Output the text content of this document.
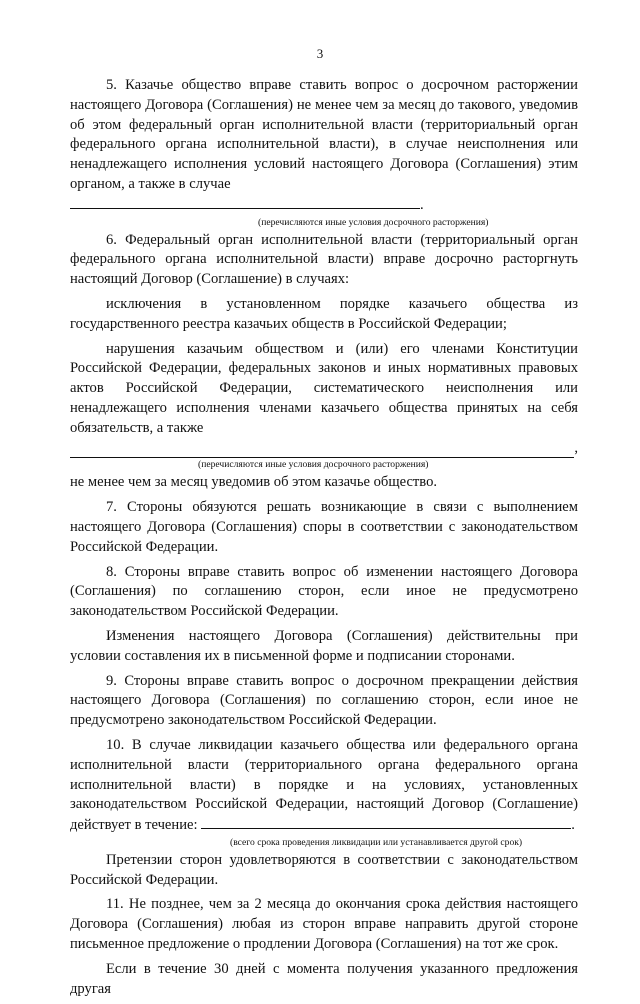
3

5. Казачье общество вправе ставить вопрос о досрочном расторжении

настоящего Договора (Соглашения) не менее чем за месяц до такового, уведомив
об этом федеральный орган исполнительной власти (территориальный орган
федерального органа исполнительной власти), в случае неисполнения или
ненадлежащего исполнения условий настоящего Договора (Соглашения) этим
органом, а также в случае .
(перечисляются иные условия досрочного расторжения)

6. Федеральный орган исполнительной власти (территориальный орган федерального органа исполнительной власти) вправе досрочно расторгнуть настоящий Договор (Соглашение) в случаях:

исключения в установленном порядке казачьего общества из государственного реестра казачьих обществ в Российской Федерации;

нарушения казачьим обществом и (или) его членами Конституции Российской Федерации, федеральных законов и иных нормативных правовых актов Российской Федерации, систематического неисполнения или ненадлежащего исполнения членами казачьего общества принятых на себя обязательств, а также

,
(перечисляются иные условия досрочного расторжения)

не менее чем за месяц уведомив об этом казачье общество.

7. Стороны обязуются решать возникающие в связи с выполнением настоящего Договора (Соглашения) споры в соответствии с законодательством Российской Федерации.

8. Стороны вправе ставить вопрос об изменении настоящего Договора (Соглашения) по соглашению сторон, если иное не предусмотрено законодательством Российской Федерации.

Изменения настоящего Договора (Соглашения) действительны при условии составления их в письменной форме и подписании сторонами.

9. Стороны вправе ставить вопрос о досрочном прекращении действия настоящего Договора (Соглашения) по соглашению сторон, если иное не предусмотрено законодательством Российской Федерации.

10. В случае ликвидации казачьего общества или федерального органа
исполнительной власти (территориального органа федерального органа
исполнительной власти) в порядке и на условиях, установленных
законодательством Российской Федерации, настоящий Договор (Соглашение)
действует в течение:	.
(всего срока проведения ликвидации или устанавливается другой срок)

Претензии сторон удовлетворяются в соответствии с законодательством Российской Федерации.

11. Не позднее, чем за 2 месяца до окончания срока действия настоящего Договора (Соглашения) любая из сторон вправе направить другой стороне письменное предложение о продлении Договора (Соглашения) на тот же срок.

Если в течение 30 дней с момента получения указанного предложения другая
